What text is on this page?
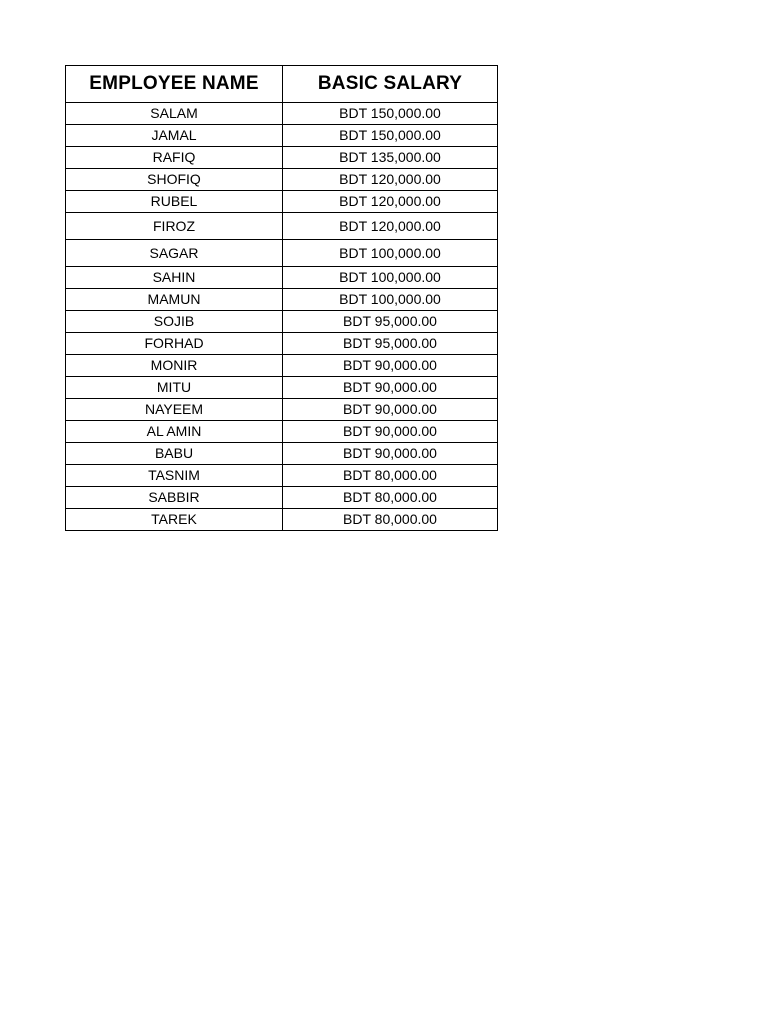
EMPLOYEE NAME	BASIC SALARY
SALAM	BDT 150,000.00
JAMAL	BDT 150,000.00
RAFIQ	BDT 135,000.00
SHOFIQ	BDT 120,000.00
RUBEL	BDT 120,000.00
FIROZ	BDT 120,000.00
SAGAR	BDT 100,000.00
SAHIN	BDT 100,000.00
MAMUN	BDT 100,000.00
SOJIB	BDT 95,000.00
FORHAD	BDT 95,000.00
MONIR	BDT 90,000.00
MITU	BDT 90,000.00
NAYEEM	BDT 90,000.00
AL AMIN	BDT 90,000.00
BABU	BDT 90,000.00
TASNIM	BDT 80,000.00
SABBIR	BDT 80,000.00
TAREK	BDT 80,000.00
